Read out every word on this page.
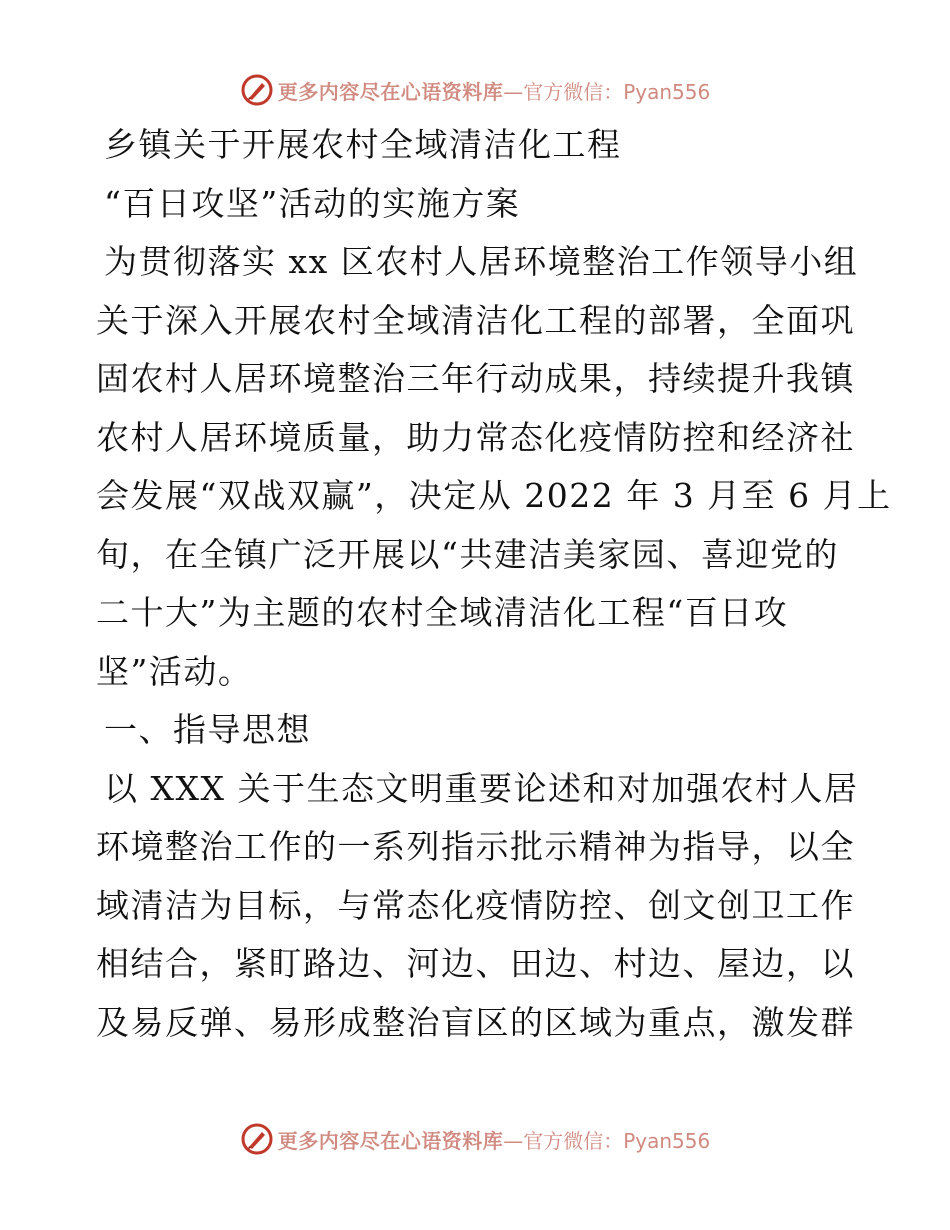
更多内容尽在心语资料库 —官方微信：Pyan556
乡镇关于开展农村全域清洁化工程
“百日攻坚”活动的实施方案
为贯彻落实 xx 区农村人居环境整治工作领导小组
关于深入开展农村全域清洁化工程的部署，全面巩
固农村人居环境整治三年行动成果，持续提升我镇
农村人居环境质量，助力常态化疫情防控和经济社
会发展“双战双赢”，决定从 2022 年 3 月至 6 月上
旬，在全镇广泛开展以“共建洁美家园、喜迎党的
二十大”为主题的农村全域清洁化工程“百日攻
坚”活动。
一、指导思想
以 XXX 关于生态文明重要论述和对加强农村人居
环境整治工作的一系列指示批示精神为指导，以全
域清洁为目标，与常态化疫情防控、创文创卫工作
相结合，紧盯路边、河边、田边、村边、屋边，以
及易反弹、易形成整治盲区的区域为重点，激发群
更多内容尽在心语资料库 —官方微信：Pyan556
